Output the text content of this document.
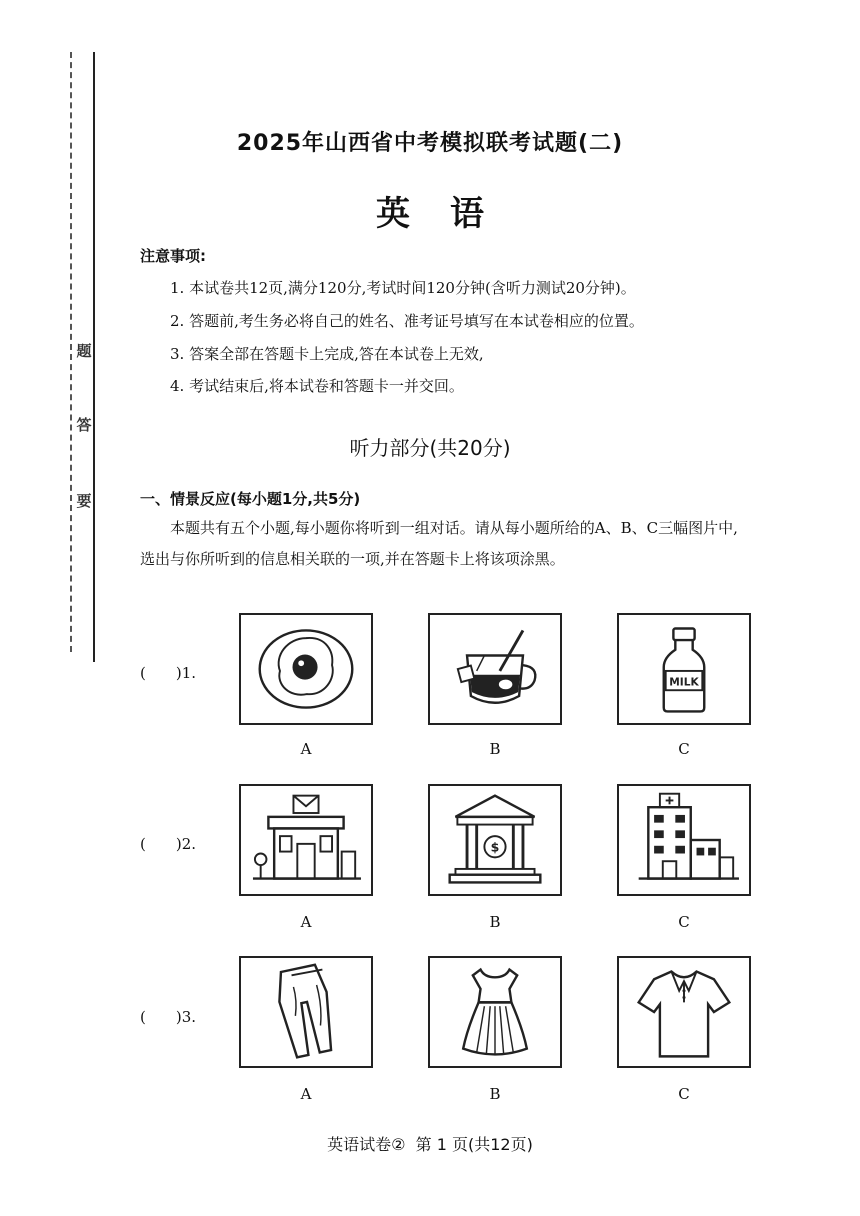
题
答
要
2025年山西省中考模拟联考试题(二)
英语
注意事项:
1. 本试卷共12页,满分120分,考试时间120分钟(含听力测试20分钟)。
2. 答题前,考生务必将自己的姓名、准考证号填写在本试卷相应的位置。
3. 答案全部在答题卡上完成,答在本试卷上无效,
4. 考试结束后,将本试卷和答题卡一并交回。
听力部分(共20分)
一、情景反应(每小题1分,共5分)
本题共有五个小题,每小题你将听到一组对话。请从每小题所给的A、B、C三幅图片中,
选出与你所听到的信息相关联的一项,并在答题卡上将该项涂黑。
(　　)1.
MILK
A	B	C
(　　)2.	$
A	B	C
(　　)3.
A	B	C
英语试卷②  第 1 页(共12页)
